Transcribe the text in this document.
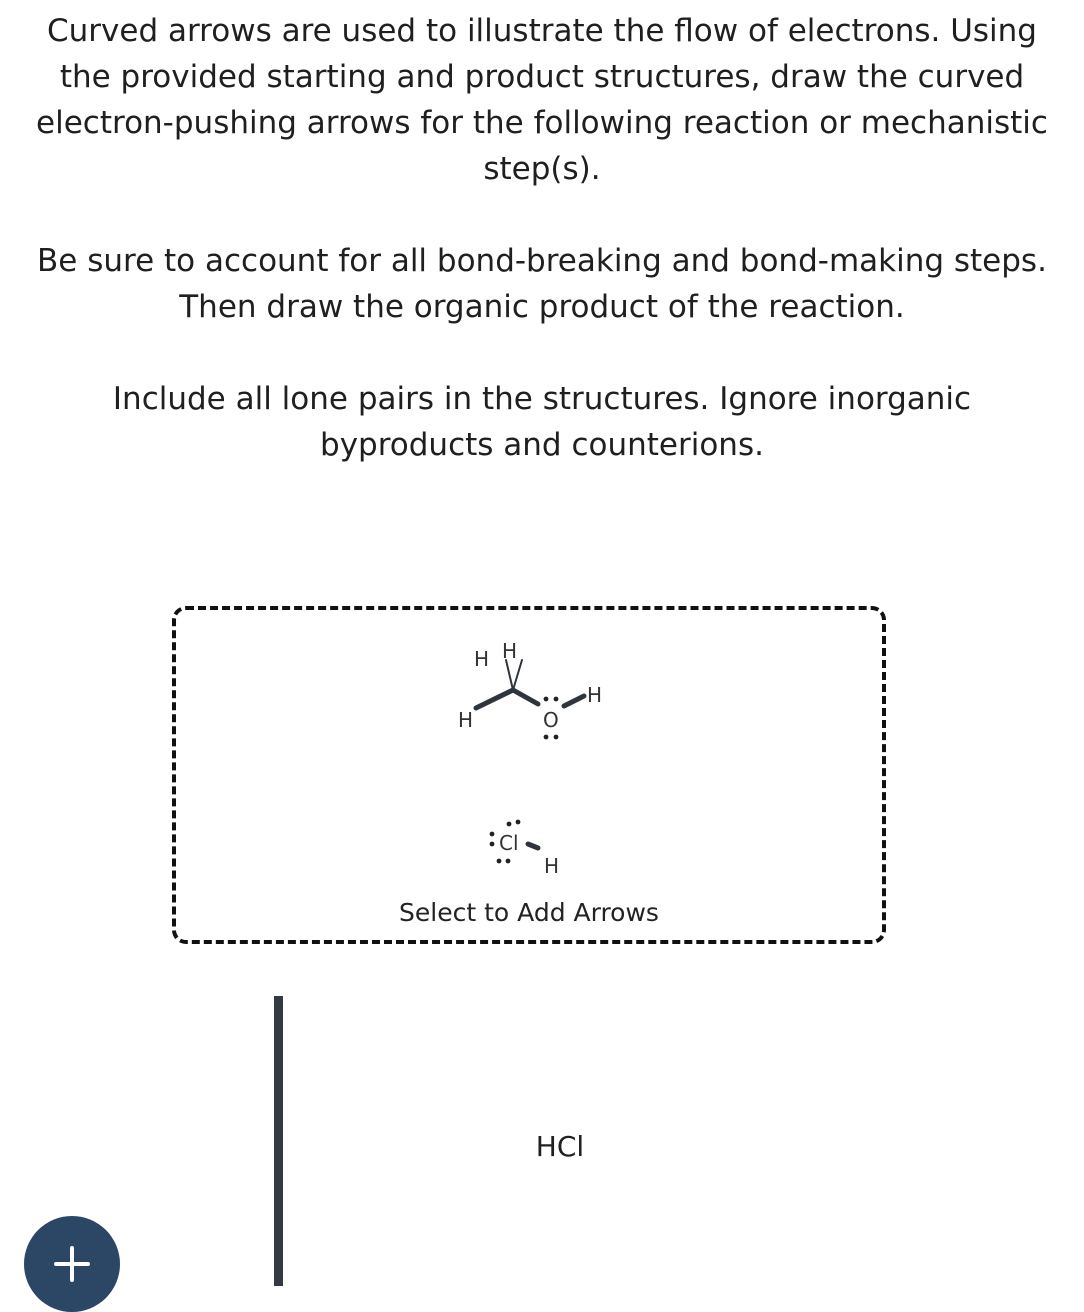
Curved arrows are used to illustrate the flow of electrons. Using the provided starting and product structures, draw the curved electron-pushing arrows for the following reaction or mechanistic step(s).

Be sure to account for all bond-breaking and bond-making steps. Then draw the organic product of the reaction.

Include all lone pairs in the structures. Ignore inorganic byproducts and counterions.

H H
H	O
H
Cl
H
Select to Add Arrows
HCl
